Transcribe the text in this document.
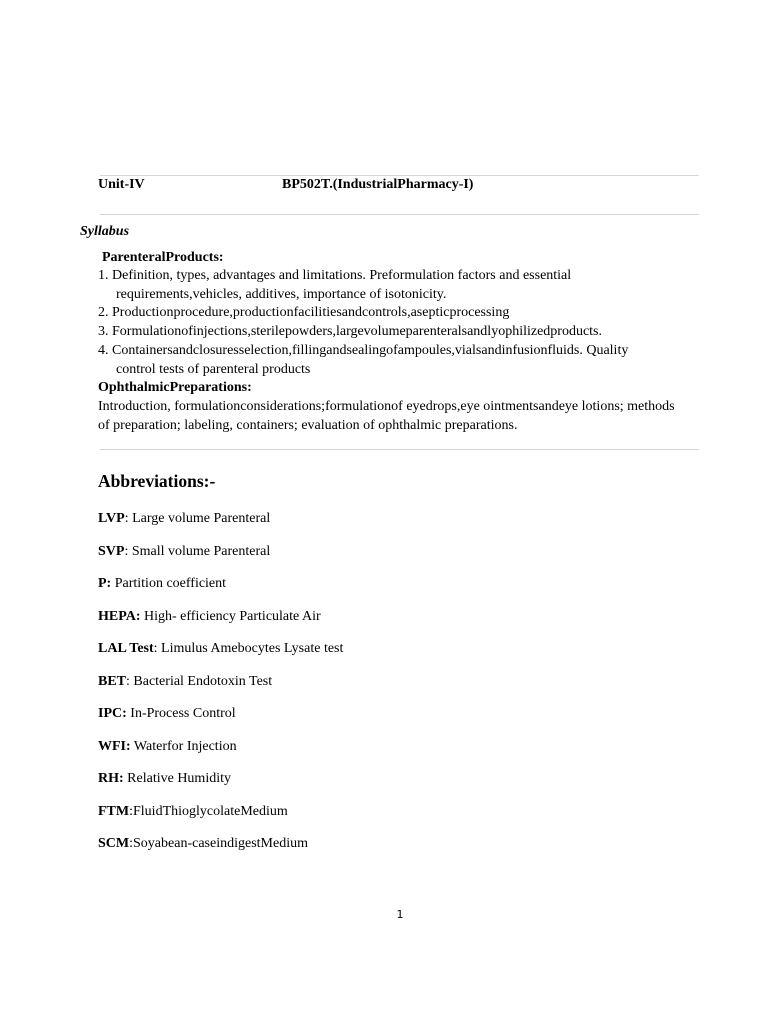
Unit-IV	BP502T.(IndustrialPharmacy-I)
Syllabus
ParenteralProducts:
1. Definition, types, advantages and limitations. Preformulation factors and essential
requirements,vehicles, additives, importance of isotonicity.
2. Productionprocedure,productionfacilitiesandcontrols,asepticprocessing
3. Formulationofinjections,sterilepowders,largevolumeparenteralsandlyophilizedproducts.
4. Containersandclosuresselection,fillingandsealingofampoules,vialsandinfusionfluids. Quality
control tests of parenteral products
OphthalmicPreparations:
Introduction, formulationconsiderations;formulationof eyedrops,eye ointmentsandeye lotions; methods
of preparation; labeling, containers; evaluation of ophthalmic preparations.
Abbreviations:-
LVP: Large volume Parenteral
SVP: Small volume Parenteral
P: Partition coefficient
HEPA: High- efficiency Particulate Air
LAL Test: Limulus Amebocytes Lysate test
BET: Bacterial Endotoxin Test
IPC: In-Process Control
WFI: Waterfor Injection
RH: Relative Humidity
FTM:FluidThioglycolateMedium
SCM:Soyabean-caseindigestMedium
1
